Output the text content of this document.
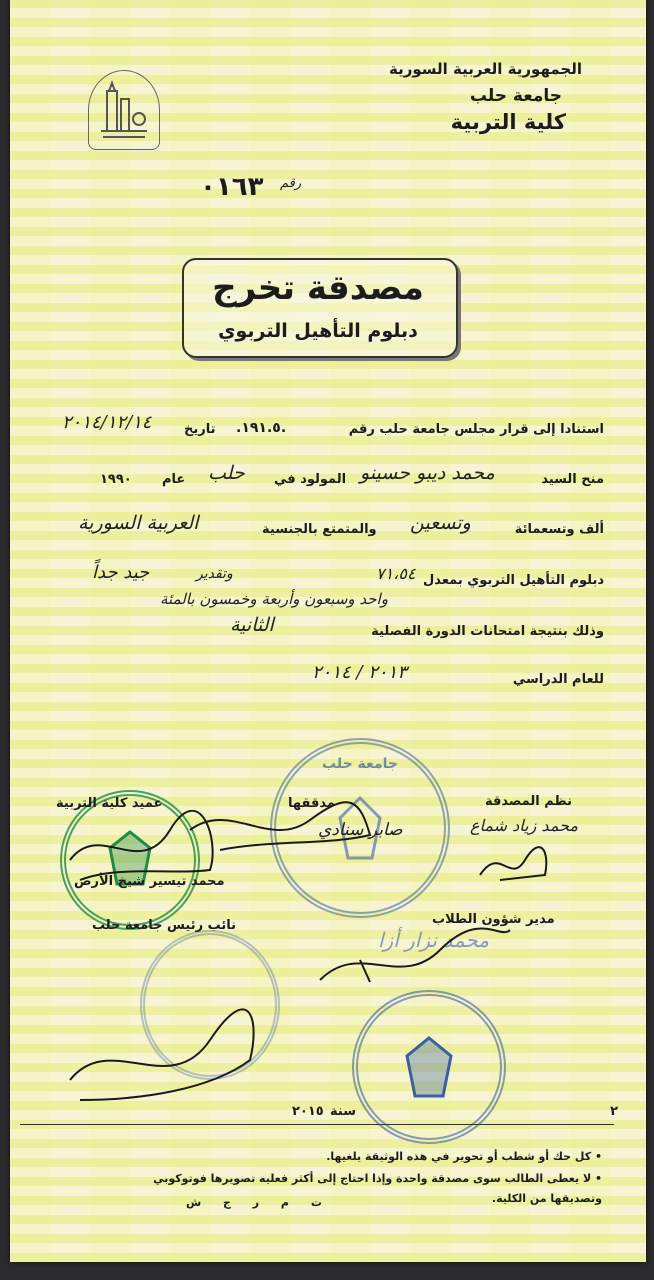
الجمهورية العربية السورية
جامعة حلب
كلية التربية
رقم
٠١٦٣
مصدقة تخرج
دبلوم التأهيل التربوي
استنادا إلى قرار مجلس جامعة حلب رقم
.١٩١.٥.
تاريخ
٢٠١٤/١٢/١٤
منح السيد
محمد ديبو حسينو
المولود في
حلب
عام
١٩٩٠
ألف وتسعمائة
وتسعين
والمتمتع بالجنسية
العربية السورية
دبلوم التأهيل التربوي بمعدل
٧١،٥٤
وتقدير
جيد جداً
واحد وسبعون وأربعة وخمسون بالمئة
وذلك بنتيجة امتحانات الدورة الفصلية
الثانية
للعام الدراسي
٢٠١٣ / ٢٠١٤
جامعة حلب
نظم المصدقة
محمد زياد شماع
مدققها
صابر سنادي
عميد كلية التربية
محمد تيسير شيخ الأرض
نائب رئيس جامعة حلب	مدير شؤون الطلاب
محمد نزار أزا
٢
سنة
٢٠١٥
• كل حك أو شطب أو تحوير في هذه الوثيقة يلغيها.
• لا يعطى الطالب سوى مصدقة واحدة وإذا احتاج إلى أكثر فعليه تصويرها فوتوكوبي
وتصديقها من الكلية.
ت م ر ج ش
